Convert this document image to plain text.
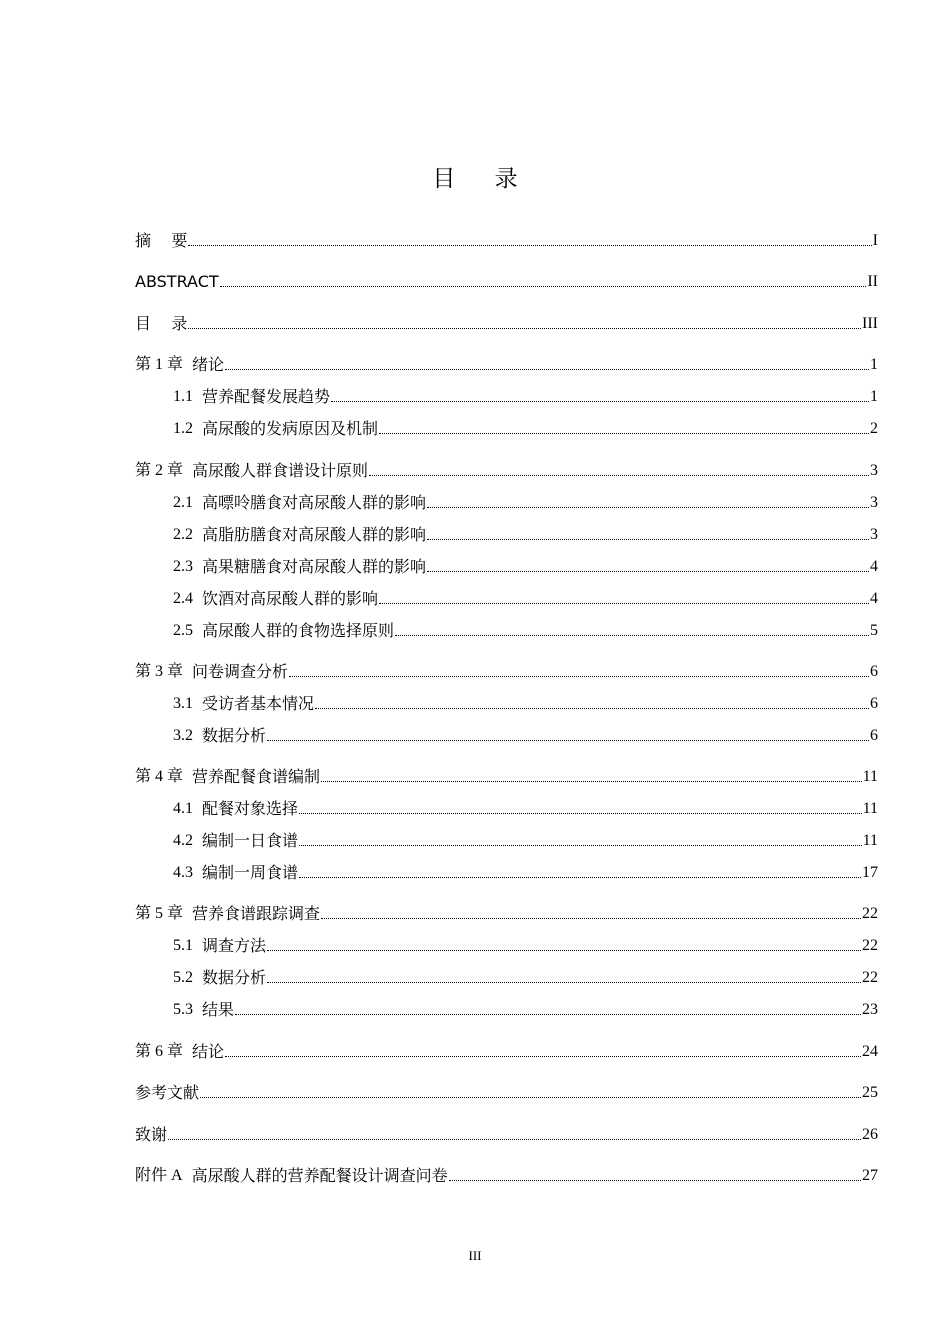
目 录
摘    要	I
ABSTRACT	II
目    录	III
第 1 章 绪论	1
1.1 营养配餐发展趋势	1
1.2 高尿酸的发病原因及机制	2
第 2 章 高尿酸人群食谱设计原则	3
2.1 高嘌呤膳食对高尿酸人群的影响	3
2.2 高脂肪膳食对高尿酸人群的影响	3
2.3 高果糖膳食对高尿酸人群的影响	4
2.4 饮酒对高尿酸人群的影响	4
2.5 高尿酸人群的食物选择原则	5
第 3 章 问卷调查分析	6
3.1 受访者基本情况	6
3.2 数据分析	6
第 4 章 营养配餐食谱编制	11
4.1 配餐对象选择	11
4.2 编制一日食谱	11
4.3 编制一周食谱	17
第 5 章 营养食谱跟踪调查	22
5.1 调查方法	22
5.2 数据分析	22
5.3 结果	23
第 6 章 结论	24
参考文献	25
致谢	26
附件 A 高尿酸人群的营养配餐设计调查问卷	27
III
